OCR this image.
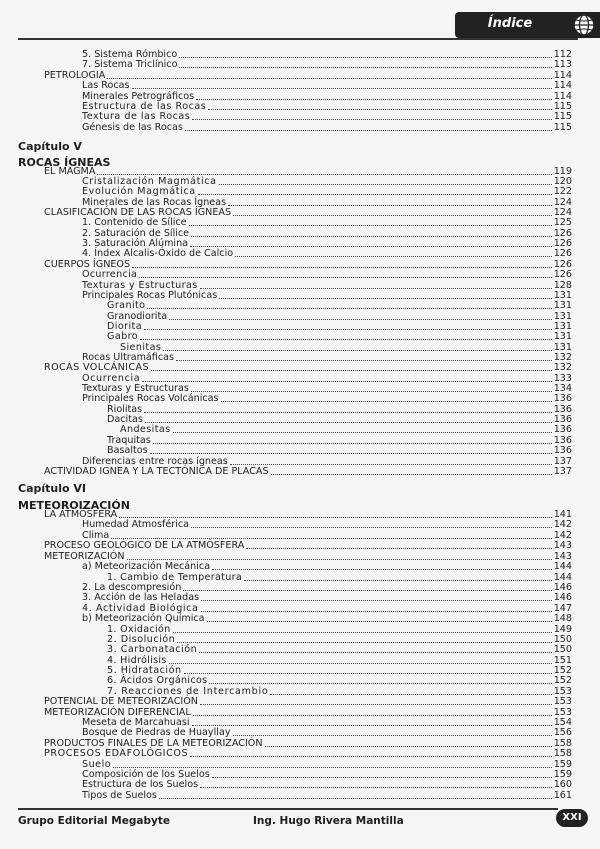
Índice
Capítulo V
ROCAS ÍGNEAS
Capítulo VI
METEOROIZACIÓN
5. Sistema Rómbico	112
7. Sistema Triclínico	113
PETROLOGIA	114
Las Rocas	114
Minerales Petrográficos	114
Estructura de las Rocas	115
Textura de las Rocas	115
Génesis de las Rocas	115
EL MAGMA	119
Cristalización Magmática	120
Evolución Magmática	122
Minerales de las Rocas Ígneas	124
CLASIFICACIÓN DE LAS ROCAS ÍGNEAS	124
1. Contenido de Sílice	125
2. Saturación de Sílice	126
3. Saturación Alúmina	126
4. Índex Alcalis-Óxido de Calcio	126
CUERPOS ÍGNEOS	126
Ocurrencia	126
Texturas y Estructuras	128
Principales Rocas Plutónicas	131
Granito	131
Granodiorita	131
Diorita	131
Gabro	131
Sienitas	131
Rocas Ultramáficas	132
ROCAS VOLCÁNICAS	132
Ocurrencia	133
Texturas y Estructuras	134
Principales Rocas Volcánicas	136
Riolitas	136
Dacitas	136
Andesitas	136
Traquitas	136
Basaltos	136
Diferencias entre rocas ígneas	137
ACTIVIDAD IGNEA Y LA TECTÓNICA DE PLACAS	137
LA ATMÓSFERA	141
Humedad Atmosférica	142
Clima	142
PROCESO GEOLÓGICO DE LA ATMÓSFERA	143
METEORIZACIÓN	143
a) Meteorización Mecánica	144
1. Cambio de Temperatura	144
2. La descompresión	146
3. Acción de las Heladas	146
4. Actividad Biológica	147
b) Meteorización Química	148
1. Oxidación	149
2. Disolución	150
3. Carbonatación	150
4. Hidrólisis	151
5. Hidratación	152
6. Ácidos Orgánicos	152
7. Reacciones de Intercambio	153
POTENCIAL DE METEORIZACIÓN	153
METEORIZACIÓN DIFERENCIAL	153
Meseta de Marcahuasi	154
Bosque de Piedras de Huayllay	156
PRODUCTOS FINALES DE LA METEORIZACIÓN	158
PROCESOS EDAFOLÓGICOS	158
Suelo	159
Composición de los Suelos	159
Estructura de los Suelos	160
Tipos de Suelos	161
Grupo Editorial Megabyte	Ing. Hugo Rivera Mantilla	XXI
